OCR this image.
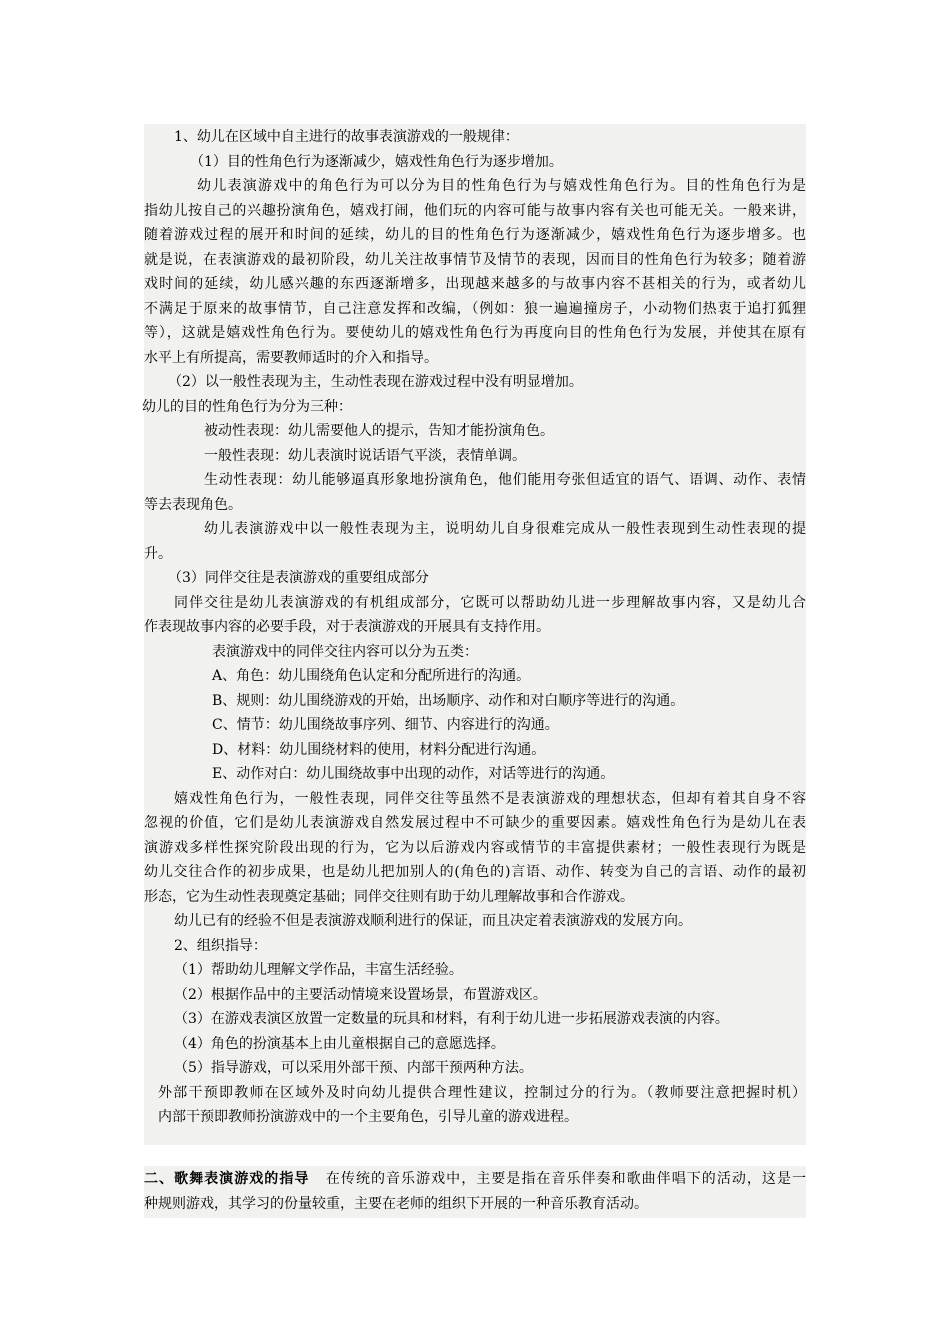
1、幼儿在区域中自主进行的故事表演游戏的一般规律：
（1）目的性角色行为逐渐减少，嬉戏性角色行为逐步增加。
幼儿表演游戏中的角色行为可以分为目的性角色行为与嬉戏性角色行为。目的性角色行为是
指幼儿按自己的兴趣扮演角色，嬉戏打闹，他们玩的内容可能与故事内容有关也可能无关。一般来讲，
随着游戏过程的展开和时间的延续，幼儿的目的性角色行为逐渐减少，嬉戏性角色行为逐步增多。也
就是说，在表演游戏的最初阶段，幼儿关注故事情节及情节的表现，因而目的性角色行为较多；随着游
戏时间的延续，幼儿感兴趣的东西逐渐增多，出现越来越多的与故事内容不甚相关的行为，或者幼儿
不满足于原来的故事情节，自己注意发挥和改编，（例如：狼一遍遍撞房子，小动物们热衷于追打狐狸
等），这就是嬉戏性角色行为。要使幼儿的嬉戏性角色行为再度向目的性角色行为发展，并使其在原有
水平上有所提高，需要教师适时的介入和指导。
（2）以一般性表现为主，生动性表现在游戏过程中没有明显增加。
幼儿的目的性角色行为分为三种：
被动性表现：幼儿需要他人的提示，告知才能扮演角色。
一般性表现：幼儿表演时说话语气平淡，表情单调。
生动性表现：幼儿能够逼真形象地扮演角色，他们能用夸张但适宜的语气、语调、动作、表情
等去表现角色。
幼儿表演游戏中以一般性表现为主，说明幼儿自身很难完成从一般性表现到生动性表现的提
升。
（3）同伴交往是表演游戏的重要组成部分
同伴交往是幼儿表演游戏的有机组成部分，它既可以帮助幼儿进一步理解故事内容，又是幼儿合
作表现故事内容的必要手段，对于表演游戏的开展具有支持作用。
表演游戏中的同伴交往内容可以分为五类：
A、角色：幼儿围绕角色认定和分配所进行的沟通。
B、规则：幼儿围绕游戏的开始，出场顺序、动作和对白顺序等进行的沟通。
C、情节：幼儿围绕故事序列、细节、内容进行的沟通。
D、材料：幼儿围绕材料的使用，材料分配进行沟通。
E、动作对白：幼儿围绕故事中出现的动作，对话等进行的沟通。
嬉戏性角色行为，一般性表现，同伴交往等虽然不是表演游戏的理想状态，但却有着其自身不容
忽视的价值，它们是幼儿表演游戏自然发展过程中不可缺少的重要因素。嬉戏性角色行为是幼儿在表
演游戏多样性探究阶段出现的行为，它为以后游戏内容或情节的丰富提供素材；一般性表现行为既是
幼儿交往合作的初步成果，也是幼儿把加别人的(角色的)言语、动作、转变为自己的言语、动作的最初
形态，它为生动性表现奠定基础；同伴交往则有助于幼儿理解故事和合作游戏。
幼儿已有的经验不但是表演游戏顺利进行的保证，而且决定着表演游戏的发展方向。
2、组织指导：
（1）帮助幼儿理解文学作品，丰富生活经验。
（2）根据作品中的主要活动情境来设置场景，布置游戏区。
（3）在游戏表演区放置一定数量的玩具和材料，有利于幼儿进一步拓展游戏表演的内容。
（4）角色的扮演基本上由儿童根据自己的意愿选择。
（5）指导游戏，可以采用外部干预、内部干预两种方法。
外部干预即教师在区域外及时向幼儿提供合理性建议，控制过分的行为。（教师要注意把握时机）
内部干预即教师扮演游戏中的一个主要角色，引导儿童的游戏进程。
二、歌舞表演游戏的指导 在传统的音乐游戏中，主要是指在音乐伴奏和歌曲伴唱下的活动，这是一
种规则游戏，其学习的份量较重，主要在老师的组织下开展的一种音乐教育活动。
